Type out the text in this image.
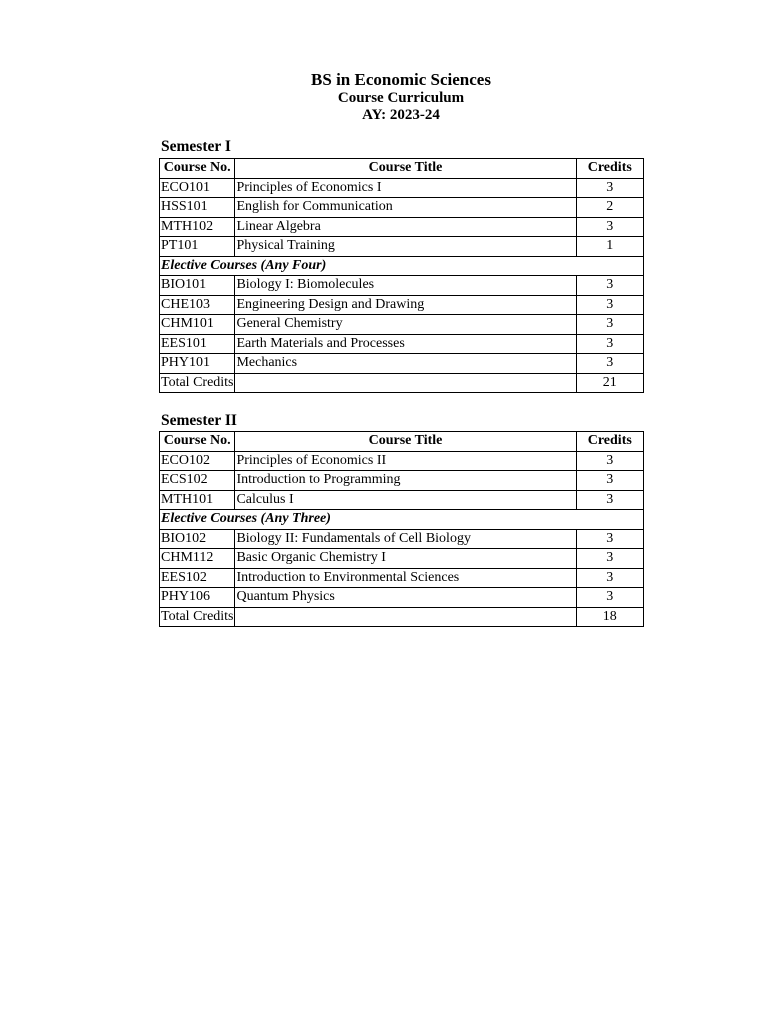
BS in Economic Sciences
Course Curriculum
AY: 2023-24
Semester I
Course No.	Course Title	Credits
ECO101	Principles of Economics I	3
HSS101	English for Communication	2
MTH102	Linear Algebra	3
PT101	Physical Training	1
Elective Courses (Any Four)		
BIO101	Biology I: Biomolecules	3
CHE103	Engineering Design and Drawing	3
CHM101	General Chemistry	3
EES101	Earth Materials and Processes	3
PHY101	Mechanics	3
Total Credits		21
Semester II
Course No.	Course Title	Credits
ECO102	Principles of Economics II	3
ECS102	Introduction to Programming	3
MTH101	Calculus I	3
Elective Courses (Any Three)		
BIO102	Biology II: Fundamentals of Cell Biology	3
CHM112	Basic Organic Chemistry I	3
EES102	Introduction to Environmental Sciences	3
PHY106	Quantum Physics	3
Total Credits		18
